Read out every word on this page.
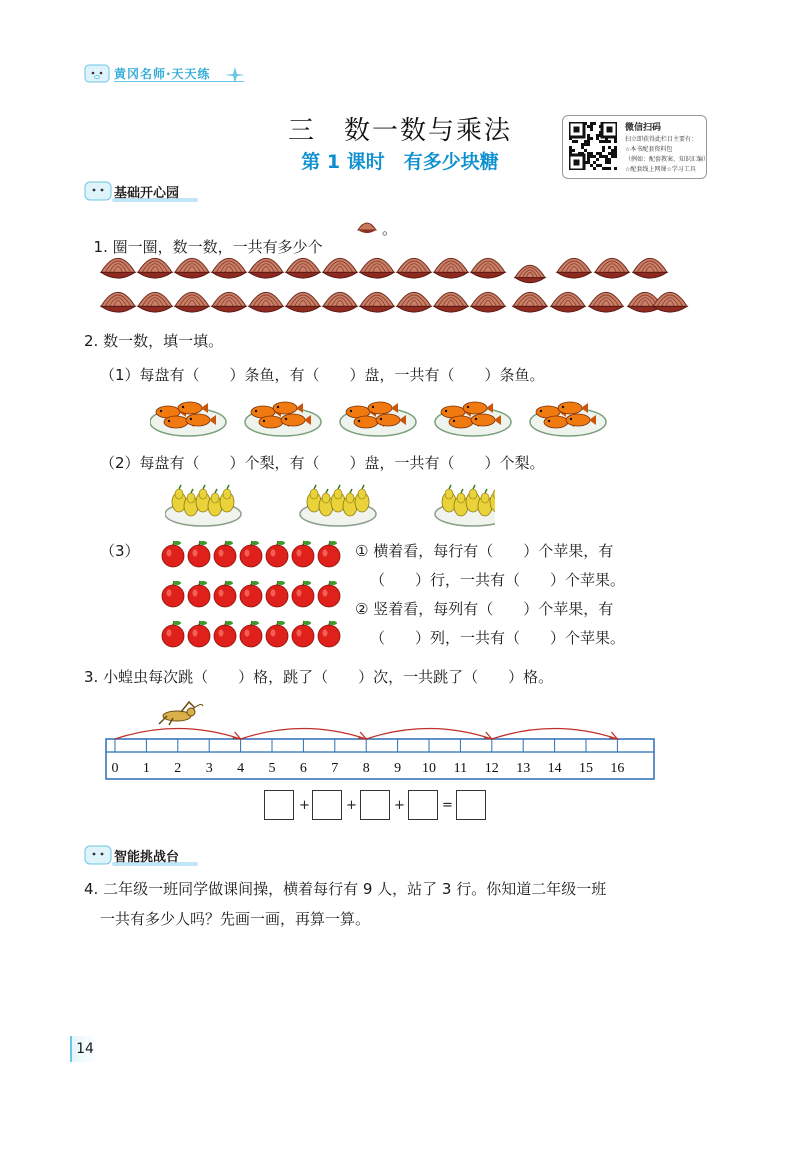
黄冈名师·天天练
三　数一数与乘法
第 1 课时　有多少块糖
微信扫码
扫立即获得此栏目主要有：
☆本书配套资料包
（例如：配套教案、知识汇编）
☆配套线上网课☆学习工具
基础开心园

1. 圈一圈，数一数，一共有多少个

。
2. 数一数，填一填。
（1）每盘有（　　）条鱼，有（　　）盘，一共有（　　）条鱼。
（2）每盘有（　　）个梨，有（　　）盘，一共有（　　）个梨。
（3）	① 横着看，每行有（　　）个苹果，有
（　　）行，一共有（　　）个苹果。
② 竖着看，每列有（　　）个苹果，有
（　　）列，一共有（　　）个苹果。
3. 小蝗虫每次跳（　　）格，跳了（　　）次，一共跳了（　　）格。
0 1 2 3 4 5 6 7 8 9 10 11 12 13 14 15 16
+	+	+	=
智能挑战台
4. 二年级一班同学做课间操，横着每行有 9 人，站了 3 行。你知道二年级一班
一共有多少人吗？先画一画，再算一算。
14
